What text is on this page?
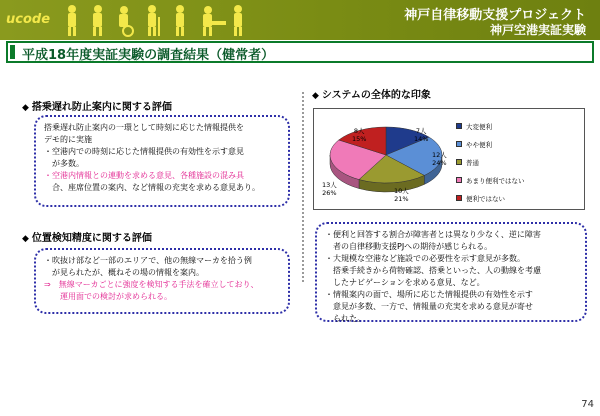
ucode	神戸自律移動支援プロジェクト
神戸空港実証実験
平成18年度実証実験の調査結果（健常者）
◆ 搭乗遅れ防止案内に関する評価
搭乗遅れ防止案内の一環として時刻に応じた情報提供を
デモ的に実施
・空港内での時刻に応じた情報提供の有効性を示す意見
　が多数。
・空港内情報との連動を求める意見、各種施設の混み具
　合、座席位置の案内、など情報の充実を求める意見あり。
◆ 位置検知精度に関する評価
・吹抜け部など一部のエリアで、他の無線マーカを拾う例
　が見られたが、概ねその場の情報を案内。
⇒　無線マーカごとに強度を検知する手法を確立しており、
　　運用面での検討が求められる。
◆ システムの全体的な印象
大変便利
やや便利
普通
あまり便利ではない
便利ではない
7人
14%
12人
24%
10人
21%
13人
26%
8人
15%
・便利と回答する割合が障害者とは異なり少なく、逆に障害
　者の自律移動支援PJへの期待が感じられる。
・大規模な空港など施設での必要性を示す意見が多数。
　搭乗手続きから荷物確認、搭乗といった、人の動線を考慮
　したナビゲーションを求める意見、など。
・情報案内の面で、場所に応じた情報提供の有効性を示す
　意見が多数、一方で、情報量の充実を求める意見が寄せ
　られた。
74
